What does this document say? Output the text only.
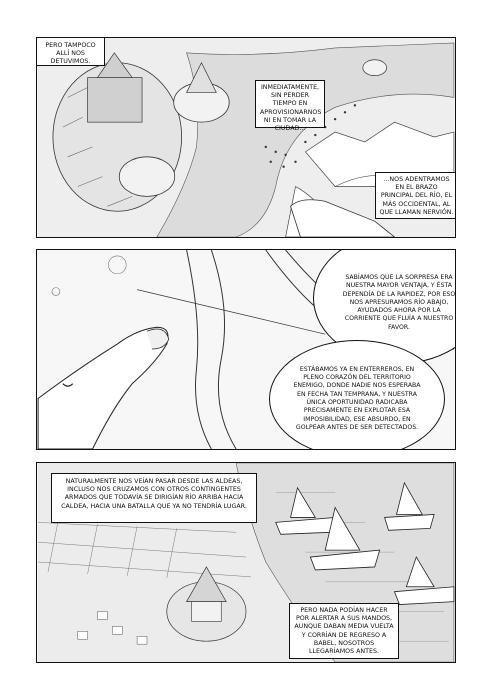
PERO TAMPOCO ALLÍ NOS DETUVIMOS.
INMEDIATAMENTE, SIN PERDER TIEMPO EN APROVISIONARNOS NI EN TOMAR LA CIUDAD...
...NOS ADENTRAMOS EN EL BRAZO PRINCIPAL DEL RÍO, EL MÁS OCCIDENTAL, AL QUE LLAMAN NERVIÓN.
SABÍAMOS QUE LA SORPRESA ERA NUESTRA MAYOR VENTAJA, Y ÉSTA DEPENDÍA DE LA RAPIDEZ, POR ESO NOS APRESURAMOS RÍO ABAJO, AYUDADOS AHORA POR LA CORRIENTE QUE FLUÍA A NUESTRO FAVOR.
ESTÁBAMOS YA EN ENTERREROS, EN PLENO CORAZÓN DEL TERRITORIO ENEMIGO, DONDE NADIE NOS ESPERABA EN FECHA TAN TEMPRANA, Y NUESTRA ÚNICA OPORTUNIDAD RADICABA PRECISAMENTE EN EXPLOTAR ESA IMPOSIBILIDAD, ESE ABSURDO, EN GOLPEAR ANTES DE SER DETECTADOS.
NATURALMENTE NOS VEÍAN PASAR DESDE LAS ALDEAS, INCLUSO NOS CRUZAMOS CON OTROS CONTINGENTES ARMADOS QUE TODAVÍA SE DIRIGÍAN RÍO ARRIBA HACIA CALDEA, HACIA UNA BATALLA QUE YA NO TENDRÍA LUGAR.
PERO NADA PODÍAN HACER POR ALERTAR A SUS MANDOS, AUNQUE DABAN MEDIA VUELTA Y CORRÍAN DE REGRESO A BABEL, NOSOTROS LLEGARÍAMOS ANTES.
